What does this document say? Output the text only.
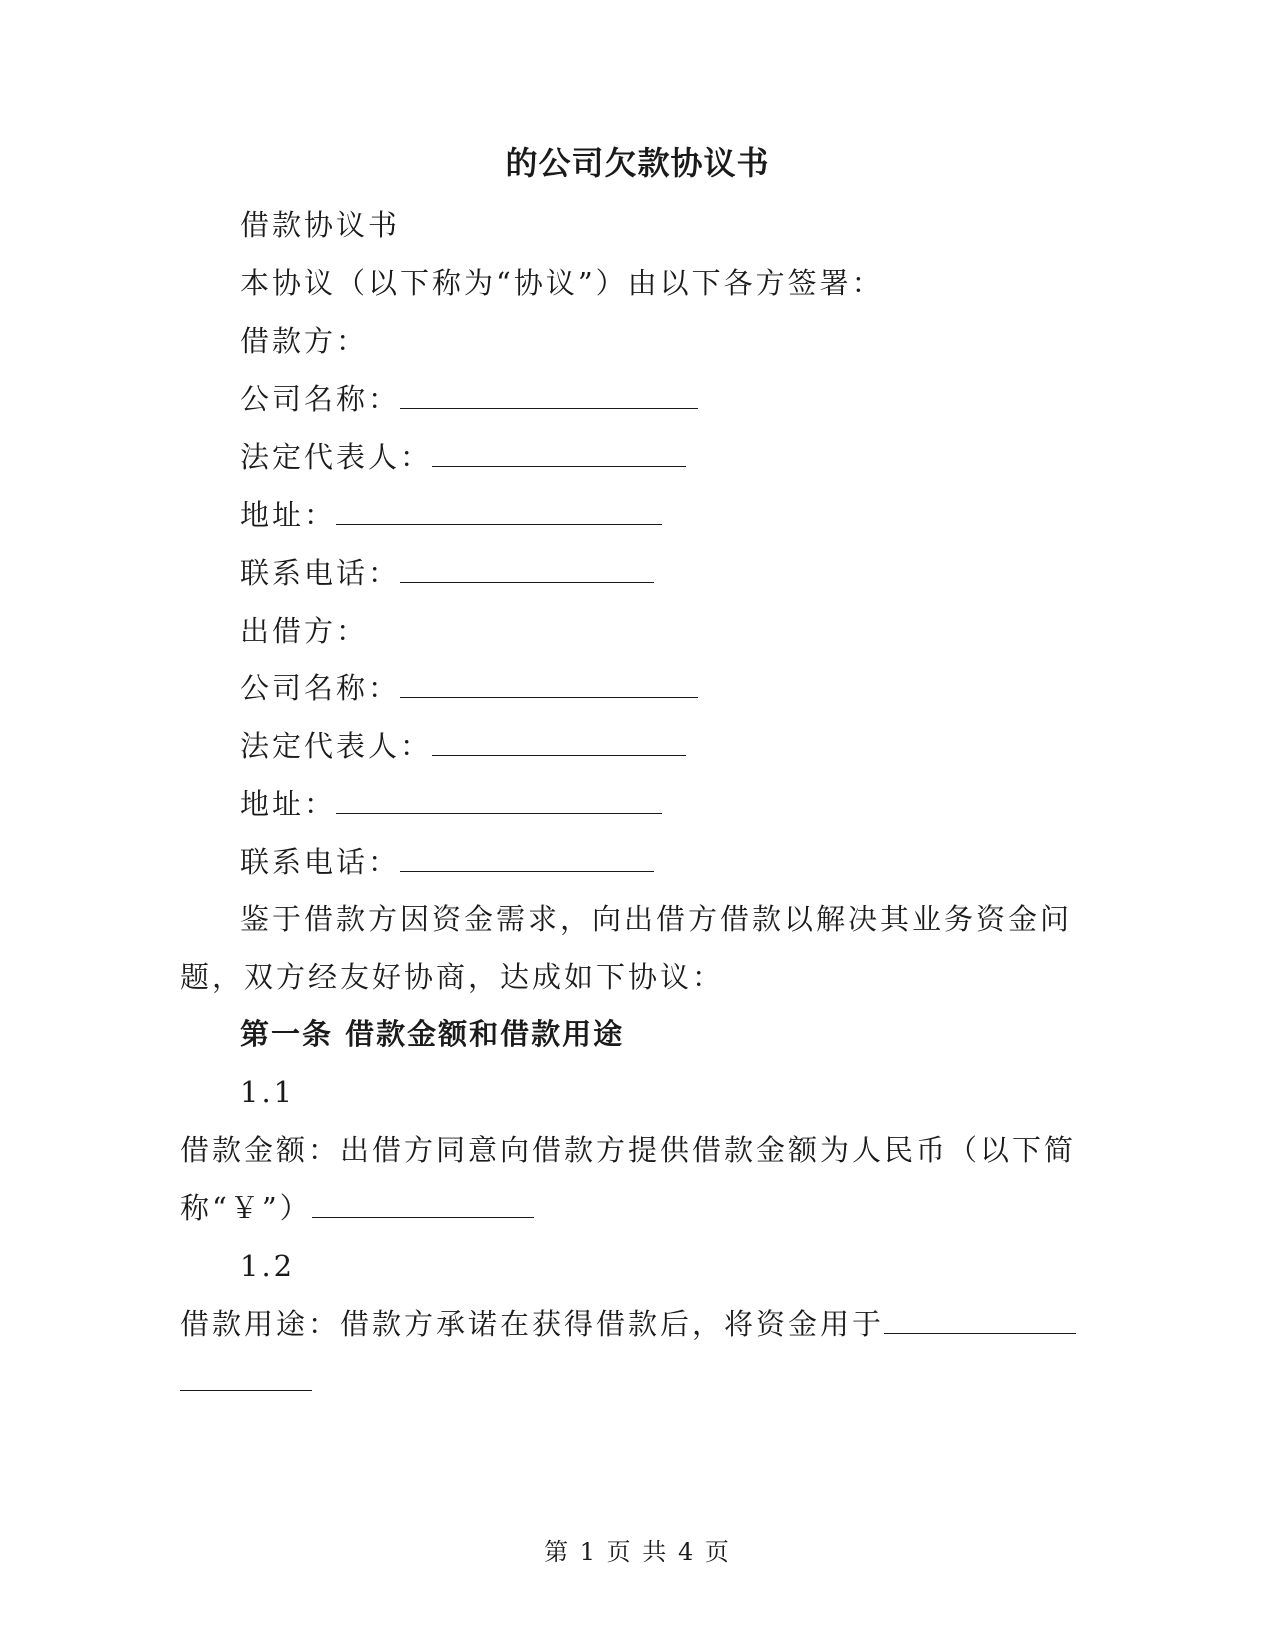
的公司欠款协议书
借款协议书
本协议（以下称为“协议”）由以下各方签署：
借款方：
公司名称：
法定代表人：
地址：
联系电话：
出借方：
公司名称：
法定代表人：
地址：
联系电话：
鉴于借款方因资金需求，向出借方借款以解决其业务资金问
题，双方经友好协商，达成如下协议：
第一条 借款金额和借款用途
1.1
借款金额：出借方同意向借款方提供借款金额为人民币（以下简
称“￥”）
1.2
借款用途：借款方承诺在获得借款后，将资金用于
第 1 页 共 4 页
